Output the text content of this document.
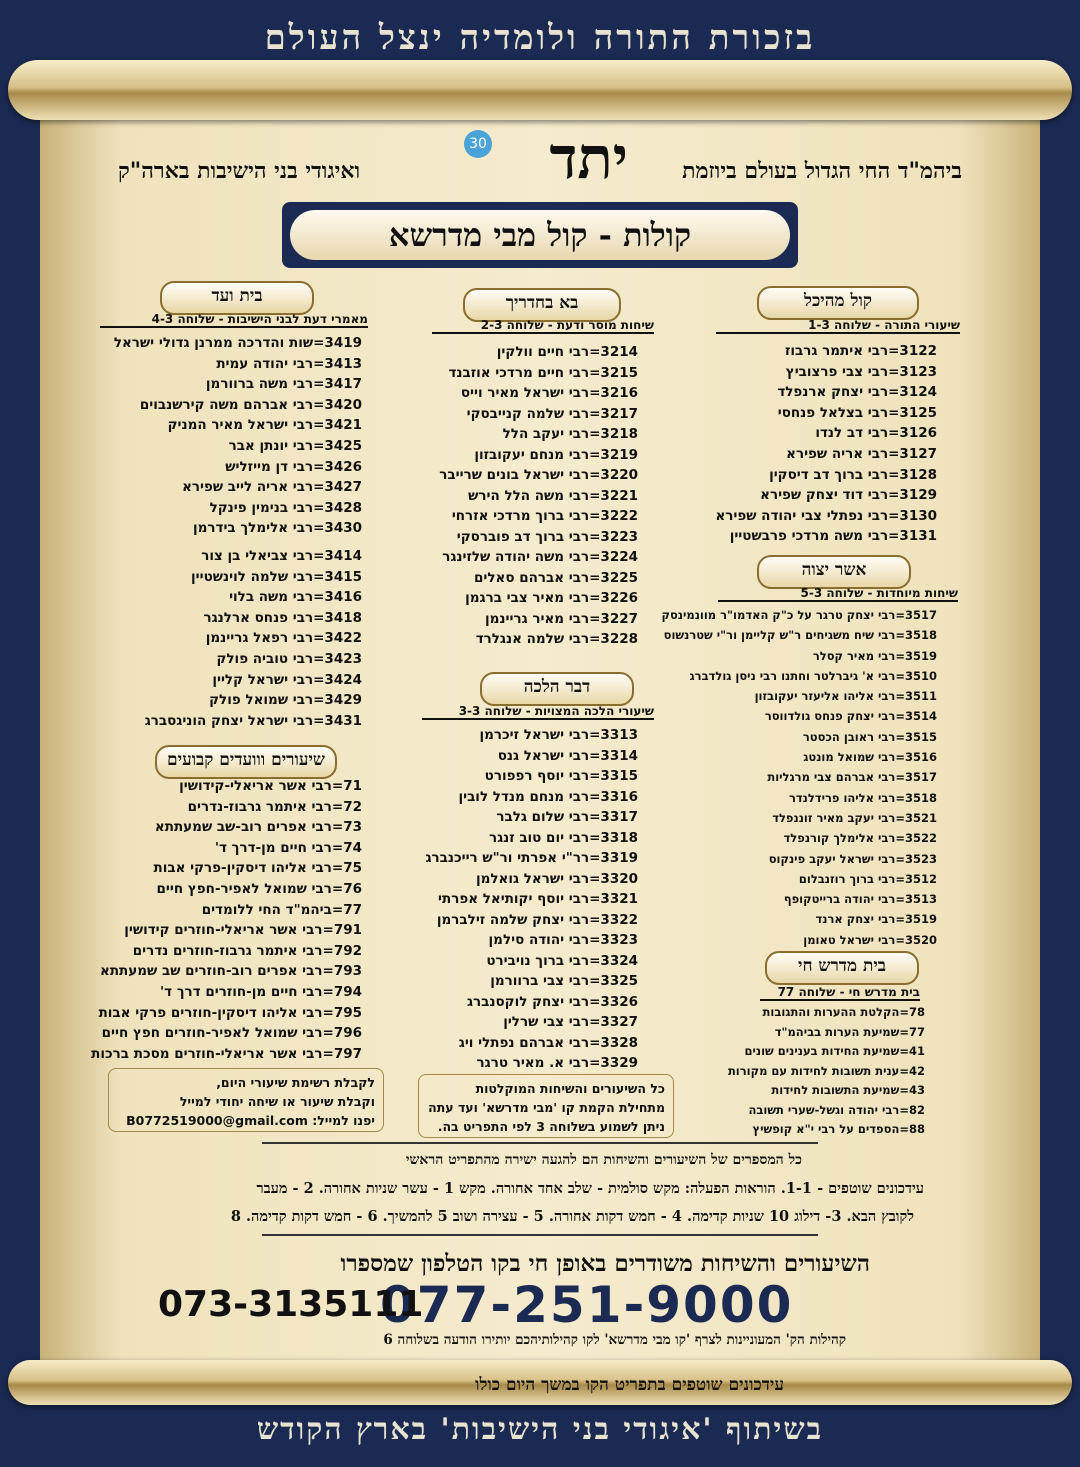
בזכורת התורה ולומדיה ינצל העולם
ביהמ"ד החי הגדול בעולם ביוזמת
ואיגודי בני הישיבות בארה"ק	יתד
30
קולות - קול מבי מדרשא
קול מהיכל
שיעורי התורה - שלוחה 1-3
3122=רבי איתמר גרבוז
3123=רבי צבי פרצוביץ
3124=רבי יצחק ארנפלד
3125=רבי בצלאל פנחסי
3126=רבי דב לנדו
3127=רבי אריה שפירא
3128=רבי ברוך דב דיסקין
3129=רבי דוד יצחק שפירא
3130=רבי נפתלי צבי יהודה שפירא
3131=רבי משה מרדכי פרבשטיין
אשר יצוה
שיחות מיוחדות - שלוחה 5-3
3517=רבי יצחק טרגר על כ"ק האדמו"ר מוונמינסק
3518=רבי שיח משגיחים ר"ש קליימן ור"י שטרנשוס
3519=רבי מאיר קסלר
3510=רבי א' גיברלטר וחתנו רבי ניסן גולדברג
3511=רבי אליהו אליעזר יעקובזון
3514=רבי יצחק פנחס גולדווסר
3515=רבי ראובן הכסטר
3516=רבי שמואל מונטג
3517=רבי אברהם צבי מרגליות
3518=רבי אליהו פרידלנדר
3521=רבי יעקב מאיר זוננפלד
3522=רבי אלימלך קורנפלד
3523=רבי ישראל יעקב פינקוס
3512=רבי ברוך רוזנבלום
3513=רבי יהודה ברייטקופף
3519=רבי יצחק ארנד
3520=רבי ישראל טאומן
בית מדרש חי
בית מדרש חי - שלוחה 77
78=הקלטת ההערות והתגובות
77=שמיעת הערות בביהמ"ד
41=שמיעת החידות בענינים שונים
42=ענית תשובות לחידות עם מקורות
43=שמיעת התשובות לחידות
82=רבי יהודה וגשל-שערי תשובה
88=הספדים על רבי י"א קופשיץ
בא בחדריך
שיחות מוסר ודעת - שלוחה 2-3
3214=רבי חיים וולקין
3215=רבי חיים מרדכי אוזבנד
3216=רבי ישראל מאיר וייס
3217=רבי שלמה קנייבסקי
3218=רבי יעקב הלל
3219=רבי מנחם יעקובזון
3220=רבי ישראל בונים שרייבר
3221=רבי משה הלל הירש
3222=רבי ברוך מרדכי אזרחי
3223=רבי ברוך דב פוברסקי
3224=רבי משה יהודה שלזינגר
3225=רבי אברהם סאלים
3226=רבי מאיר צבי ברגמן
3227=רבי מאיר גריינמן
3228=רבי שלמה אנגלרד
דבר הלכה
שיעורי הלכה המצויות - שלוחה 3-3
3313=רבי ישראל זיכרמן
3314=רבי ישראל גנס
3315=רבי יוסף רפפורט
3316=רבי מנחם מנדל לובין
3317=רבי שלום גלבר
3318=רבי יום טוב זנגר
3319=רר"י אפרתי ור"ש רייכנברג
3320=רבי ישראל גואלמן
3321=רבי יוסף יקותיאל אפרתי
3322=רבי יצחק שלמה זילברמן
3323=רבי יהודה סילמן
3324=רבי ברוך נויבירט
3325=רבי צבי ברוורמן
3326=רבי יצחק לוקסנברג
3327=רבי צבי שרלין
3328=רבי אברהם נפתלי ויג
3329=רבי א. מאיר טרגר
כל השיעורים והשיחות המוקלטות
מתחילת הקמת קו 'מבי מדרשא' ועד עתה
ניתן לשמוע בשלוחה 3 לפי התפריט בה.
בית ועד
מאמרי דעת לבני הישיבות - שלוחה 4-3
3419=שות והדרכה ממרנן גדולי ישראל
3413=רבי יהודה עמית
3417=רבי משה ברוורמן
3420=רבי אברהם משה קירשנבוים
3421=רבי ישראל מאיר המניק
3425=רבי יונתן אבר
3426=רבי דן מייזליש
3427=רבי אריה לייב שפירא
3428=רבי בנימין פינקל
3430=רבי אלימלך בידרמן
3414=רבי צביאלי בן צור
3415=רבי שלמה לוינשטיין
3416=רבי משה בלוי
3418=רבי פנחס ארלנגר
3422=רבי רפאל גריינמן
3423=רבי טוביה פולק
3424=רבי ישראל קליין
3429=רבי שמואל פולק
3431=רבי ישראל יצחק הוניגסברג
שיעורים ווועדים קבועים
71=רבי אשר אריאלי-קידושין
72=רבי איתמר גרבוז-נדרים
73=רבי אפרים רוב-שב שמעתתא
74=רבי חיים מן-דרך ד'
75=רבי אליהו דיסקין-פרקי אבות
76=רבי שמואל לאפיר-חפץ חיים
77=ביהמ"ד החי ללומדים
791=רבי אשר אריאלי-חוזרים קידושין
792=רבי איתמר גרבוז-חוזרים נדרים
793=רבי אפרים רוב-חוזרים שב שמעתתא
794=רבי חיים מן-חוזרים דרך ד'
795=רבי אליהו דיסקין-חוזרים פרקי אבות
796=רבי שמואל לאפיר-חוזרים חפץ חיים
797=רבי אשר אריאלי-חוזרים מסכת ברכות
לקבלת רשימת שיעורי היום,
וקבלת שיעור או שיחה יחודי למייל
יפנו למייל: B0772519000@gmail.com
כל המספרים של השיעורים והשיחות הם להגעה ישירה מהתפריט הראשי
עידכונים שוטפים - 1-1. הוראות הפעלה: מקש סולמית - שלב אחד אחורה. מקש 1 - עשר שניות אחורה. 2 - מעבר
לקובץ הבא. 3- דילוג 10 שניות קדימה. 4 - חמש דקות אחורה. 5 - עצירה ושוב 5 להמשיך. 6 - חמש דקות קדימה. 8
השיעורים והשיחות משודרים באופן חי בקו הטלפון שמספרו
077-251-9000
073-3135111
קהילות הק' המעוניינות לצרף 'קו מבי מדרשא' לקו קהילותיהכם יותירו הודעה בשלוחה 6
עידכונים שוטפים בתפריט הקו במשך היום כולו
בשיתוף 'איגודי בני הישיבות' בארץ הקודש
